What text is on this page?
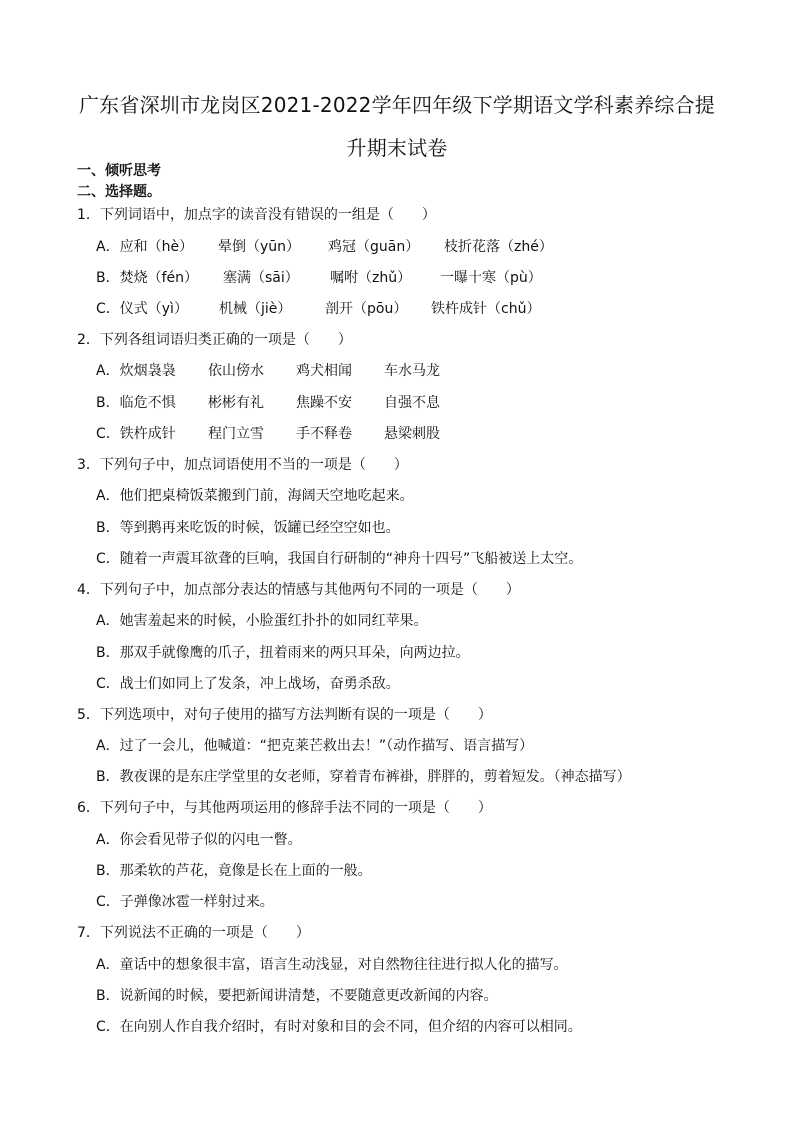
广东省深圳市龙岗区2021-2022学年四年级下学期语文学科素养综合提升期末试卷
一、倾听思考
二、选择题。
1．下列词语中，加点字的读音没有错误的一组是（　　）
A．应和（hè） 晕倒（yūn） 鸡冠（guān） 枝折花落（zhé）
B．焚烧（fén） 塞满（sāi） 嘱咐（zhǔ） 一曝十寒（pù）
C．仪式（yì） 机械（jiè） 剖开（pōu） 铁杵成针（chǔ）
2．下列各组词语归类正确的一项是（　　）
A．炊烟袅袅 依山傍水 鸡犬相闻 车水马龙
B．临危不惧 彬彬有礼 焦躁不安 自强不息
C．铁杵成针 程门立雪 手不释卷 悬梁刺股
3．下列句子中，加点词语使用不当的一项是（　　）
A．他们把桌椅饭菜搬到门前，海阔天空地吃起来。
B．等到鹅再来吃饭的时候，饭罐已经空空如也。
C．随着一声震耳欲聋的巨响，我国自行研制的“神舟十四号”飞船被送上太空。
4．下列句子中，加点部分表达的情感与其他两句不同的一项是（　　）
A．她害羞起来的时候，小脸蛋红扑扑的如同红苹果。
B．那双手就像鹰的爪子，扭着雨来的两只耳朵，向两边拉。
C．战士们如同上了发条，冲上战场，奋勇杀敌。
5．下列选项中，对句子使用的描写方法判断有误的一项是（　　）
A．过了一会儿，他喊道：“把克莱芒救出去！”（动作描写、语言描写）
B．教夜课的是东庄学堂里的女老师，穿着青布裤褂，胖胖的，剪着短发。（神态描写）
6．下列句子中，与其他两项运用的修辞手法不同的一项是（　　）
A．你会看见带子似的闪电一瞥。
B．那柔软的芦花，竟像是长在上面的一般。
C．子弹像冰雹一样射过来。
7．下列说法不正确的一项是（　　）
A．童话中的想象很丰富，语言生动浅显，对自然物往往进行拟人化的描写。
B．说新闻的时候，要把新闻讲清楚，不要随意更改新闻的内容。
C．在向别人作自我介绍时，有时对象和目的会不同，但介绍的内容可以相同。
